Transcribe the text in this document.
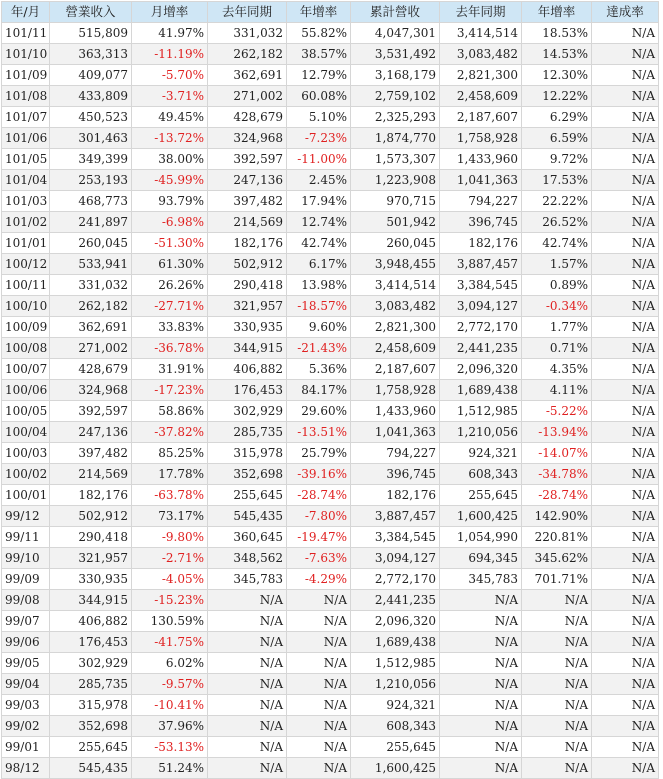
年/月	營業收入	月增率	去年同期	年增率	累計營收	去年同期	年增率	達成率
101/11	515,809	41.97%	331,032	55.82%	4,047,301	3,414,514	18.53%	N/A
101/10	363,313	-11.19%	262,182	38.57%	3,531,492	3,083,482	14.53%	N/A
101/09	409,077	-5.70%	362,691	12.79%	3,168,179	2,821,300	12.30%	N/A
101/08	433,809	-3.71%	271,002	60.08%	2,759,102	2,458,609	12.22%	N/A
101/07	450,523	49.45%	428,679	5.10%	2,325,293	2,187,607	6.29%	N/A
101/06	301,463	-13.72%	324,968	-7.23%	1,874,770	1,758,928	6.59%	N/A
101/05	349,399	38.00%	392,597	-11.00%	1,573,307	1,433,960	9.72%	N/A
101/04	253,193	-45.99%	247,136	2.45%	1,223,908	1,041,363	17.53%	N/A
101/03	468,773	93.79%	397,482	17.94%	970,715	794,227	22.22%	N/A
101/02	241,897	-6.98%	214,569	12.74%	501,942	396,745	26.52%	N/A
101/01	260,045	-51.30%	182,176	42.74%	260,045	182,176	42.74%	N/A
100/12	533,941	61.30%	502,912	6.17%	3,948,455	3,887,457	1.57%	N/A
100/11	331,032	26.26%	290,418	13.98%	3,414,514	3,384,545	0.89%	N/A
100/10	262,182	-27.71%	321,957	-18.57%	3,083,482	3,094,127	-0.34%	N/A
100/09	362,691	33.83%	330,935	9.60%	2,821,300	2,772,170	1.77%	N/A
100/08	271,002	-36.78%	344,915	-21.43%	2,458,609	2,441,235	0.71%	N/A
100/07	428,679	31.91%	406,882	5.36%	2,187,607	2,096,320	4.35%	N/A
100/06	324,968	-17.23%	176,453	84.17%	1,758,928	1,689,438	4.11%	N/A
100/05	392,597	58.86%	302,929	29.60%	1,433,960	1,512,985	-5.22%	N/A
100/04	247,136	-37.82%	285,735	-13.51%	1,041,363	1,210,056	-13.94%	N/A
100/03	397,482	85.25%	315,978	25.79%	794,227	924,321	-14.07%	N/A
100/02	214,569	17.78%	352,698	-39.16%	396,745	608,343	-34.78%	N/A
100/01	182,176	-63.78%	255,645	-28.74%	182,176	255,645	-28.74%	N/A
99/12	502,912	73.17%	545,435	-7.80%	3,887,457	1,600,425	142.90%	N/A
99/11	290,418	-9.80%	360,645	-19.47%	3,384,545	1,054,990	220.81%	N/A
99/10	321,957	-2.71%	348,562	-7.63%	3,094,127	694,345	345.62%	N/A
99/09	330,935	-4.05%	345,783	-4.29%	2,772,170	345,783	701.71%	N/A
99/08	344,915	-15.23%	N/A	N/A	2,441,235	N/A	N/A	N/A
99/07	406,882	130.59%	N/A	N/A	2,096,320	N/A	N/A	N/A
99/06	176,453	-41.75%	N/A	N/A	1,689,438	N/A	N/A	N/A
99/05	302,929	6.02%	N/A	N/A	1,512,985	N/A	N/A	N/A
99/04	285,735	-9.57%	N/A	N/A	1,210,056	N/A	N/A	N/A
99/03	315,978	-10.41%	N/A	N/A	924,321	N/A	N/A	N/A
99/02	352,698	37.96%	N/A	N/A	608,343	N/A	N/A	N/A
99/01	255,645	-53.13%	N/A	N/A	255,645	N/A	N/A	N/A
98/12	545,435	51.24%	N/A	N/A	1,600,425	N/A	N/A	N/A
